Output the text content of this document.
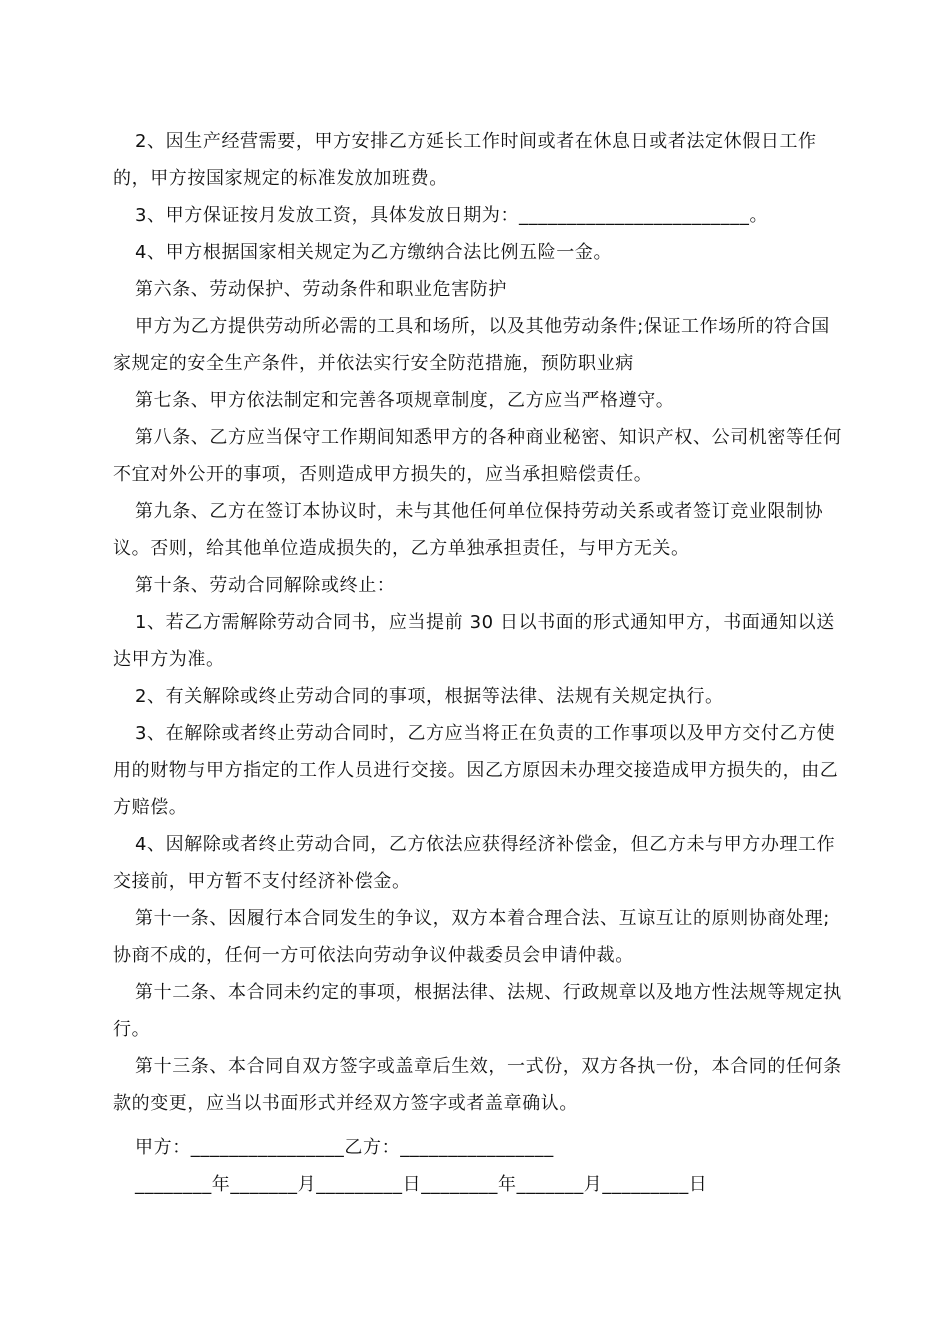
2、因生产经营需要，甲方安排乙方延长工作时间或者在休息日或者法定休假日工作的，甲方按国家规定的标准发放加班费。

3、甲方保证按月发放工资，具体发放日期为：________________________。

4、甲方根据国家相关规定为乙方缴纳合法比例五险一金。

第六条、劳动保护、劳动条件和职业危害防护

甲方为乙方提供劳动所必需的工具和场所，以及其他劳动条件;保证工作场所的符合国家规定的安全生产条件，并依法实行安全防范措施，预防职业病

第七条、甲方依法制定和完善各项规章制度，乙方应当严格遵守。

第八条、乙方应当保守工作期间知悉甲方的各种商业秘密、知识产权、公司机密等任何不宜对外公开的事项，否则造成甲方损失的，应当承担赔偿责任。

第九条、乙方在签订本协议时，未与其他任何单位保持劳动关系或者签订竞业限制协议。否则，给其他单位造成损失的，乙方单独承担责任，与甲方无关。

第十条、劳动合同解除或终止：

1、若乙方需解除劳动合同书，应当提前 30 日以书面的形式通知甲方，书面通知以送达甲方为准。

2、有关解除或终止劳动合同的事项，根据等法律、法规有关规定执行。

3、在解除或者终止劳动合同时，乙方应当将正在负责的工作事项以及甲方交付乙方使用的财物与甲方指定的工作人员进行交接。因乙方原因未办理交接造成甲方损失的，由乙方赔偿。

4、因解除或者终止劳动合同，乙方依法应获得经济补偿金，但乙方未与甲方办理工作交接前，甲方暂不支付经济补偿金。

第十一条、因履行本合同发生的争议，双方本着合理合法、互谅互让的原则协商处理;协商不成的，任何一方可依法向劳动争议仲裁委员会申请仲裁。

第十二条、本合同未约定的事项，根据法律、法规、行政规章以及地方性法规等规定执行。

第十三条、本合同自双方签字或盖章后生效，一式份，双方各执一份，本合同的任何条款的变更，应当以书面形式并经双方签字或者盖章确认。

甲方：________________乙方：________________

________年_______月_________日________年_______月_________日
